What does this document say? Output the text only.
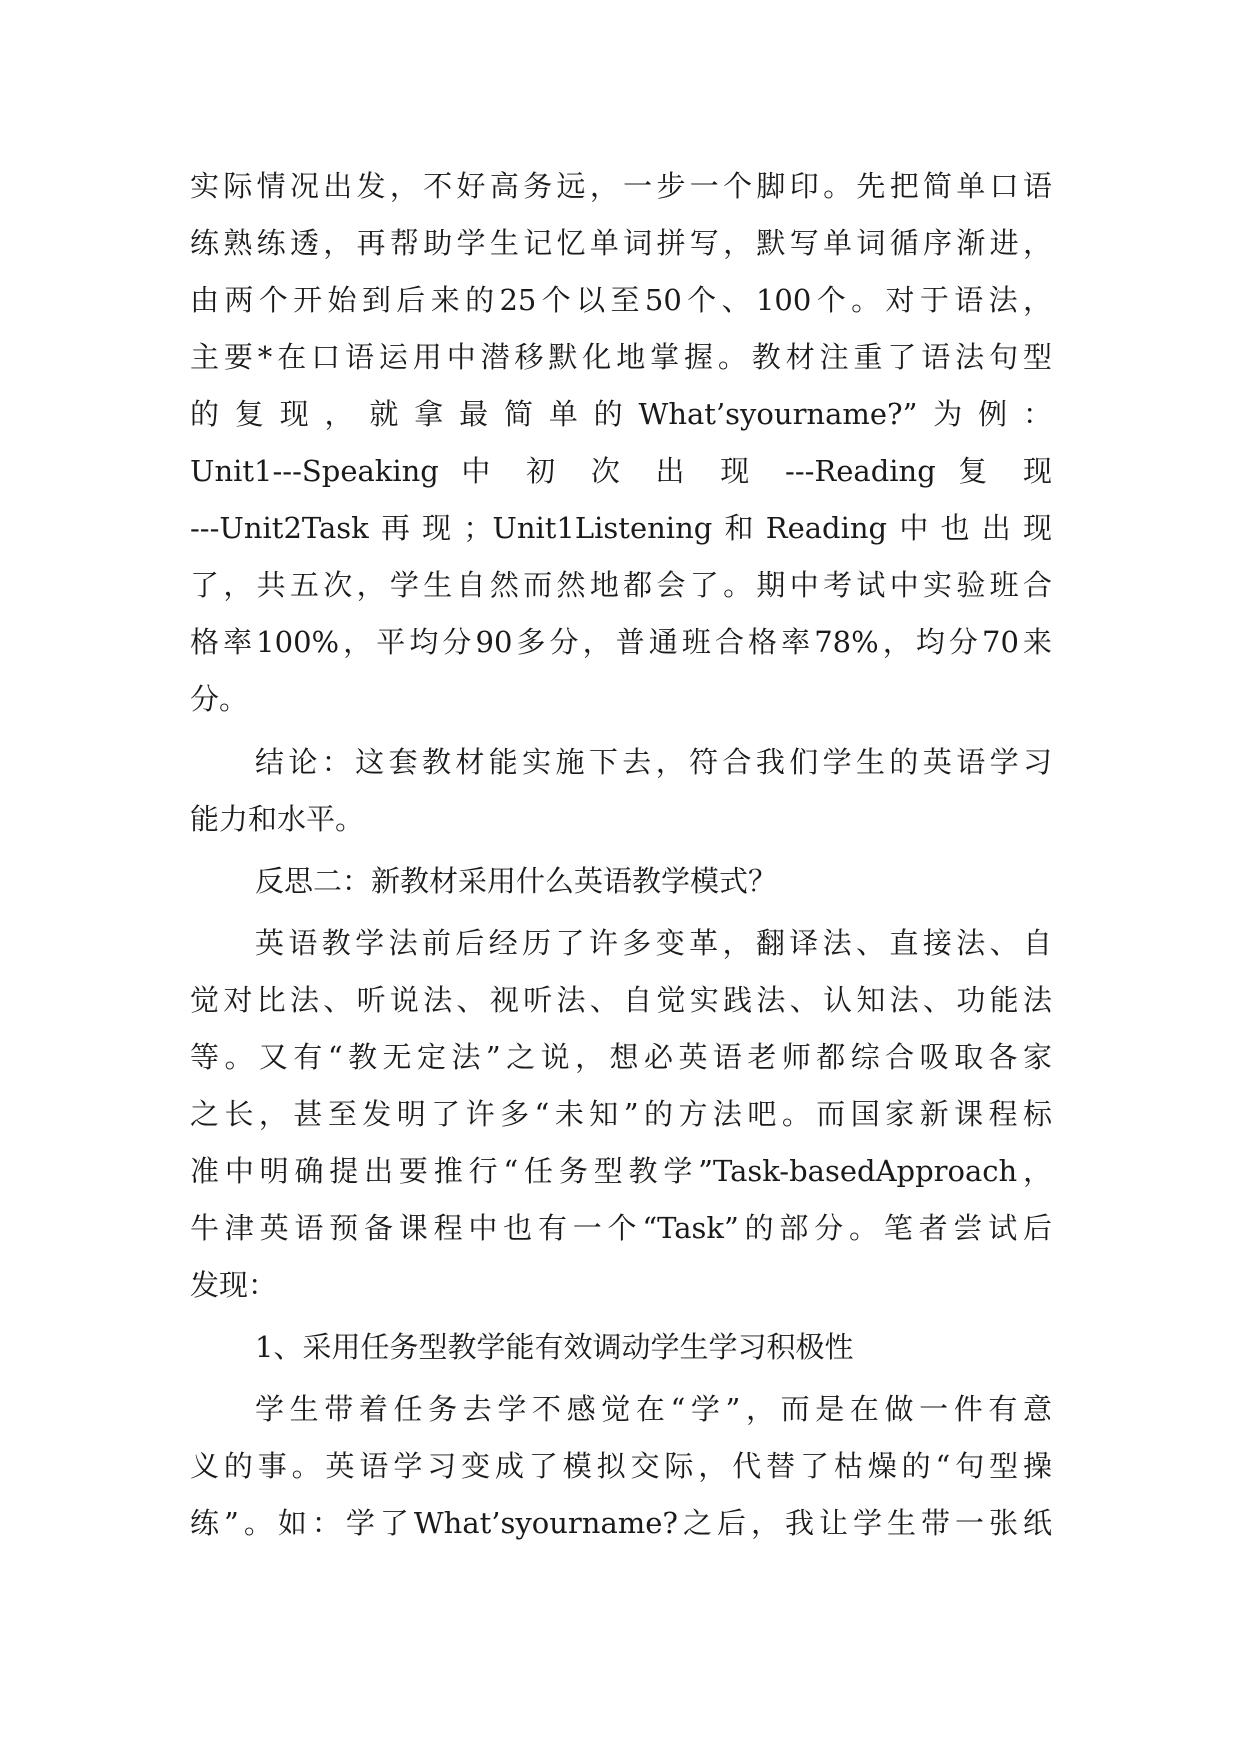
实际情况出发，不好高务远，一步一个脚印。先把简单口语
练熟练透，再帮助学生记忆单词拼写，默写单词循序渐进，
由两个开始到后来的25个以至50个、100个。对于语法，
主要*在口语运用中潜移默化地掌握。教材注重了语法句型
的复现，就拿最简单的What’syourname?”为例：
Unit1---Speaking 中 初 次 出 现 ---Reading 复 现
---Unit2Task再现；Unit1Listening和Reading中也出现
了，共五次，学生自然而然地都会了。期中考试中实验班合
格率100%，平均分90多分，普通班合格率78%，均分70来
分。
结论：这套教材能实施下去，符合我们学生的英语学习
能力和水平。
反思二：新教材采用什么英语教学模式？
英语教学法前后经历了许多变革，翻译法、直接法、自
觉对比法、听说法、视听法、自觉实践法、认知法、功能法
等。又有“教无定法”之说，想必英语老师都综合吸取各家
之长，甚至发明了许多“未知”的方法吧。而国家新课程标
准中明确提出要推行“任务型教学”Task-basedApproach，
牛津英语预备课程中也有一个“Task”的部分。笔者尝试后
发现：
1、采用任务型教学能有效调动学生学习积极性
学生带着任务去学不感觉在“学”，而是在做一件有意
义的事。英语学习变成了模拟交际，代替了枯燥的“句型操
练”。如：学了What’syourname?之后，我让学生带一张纸
